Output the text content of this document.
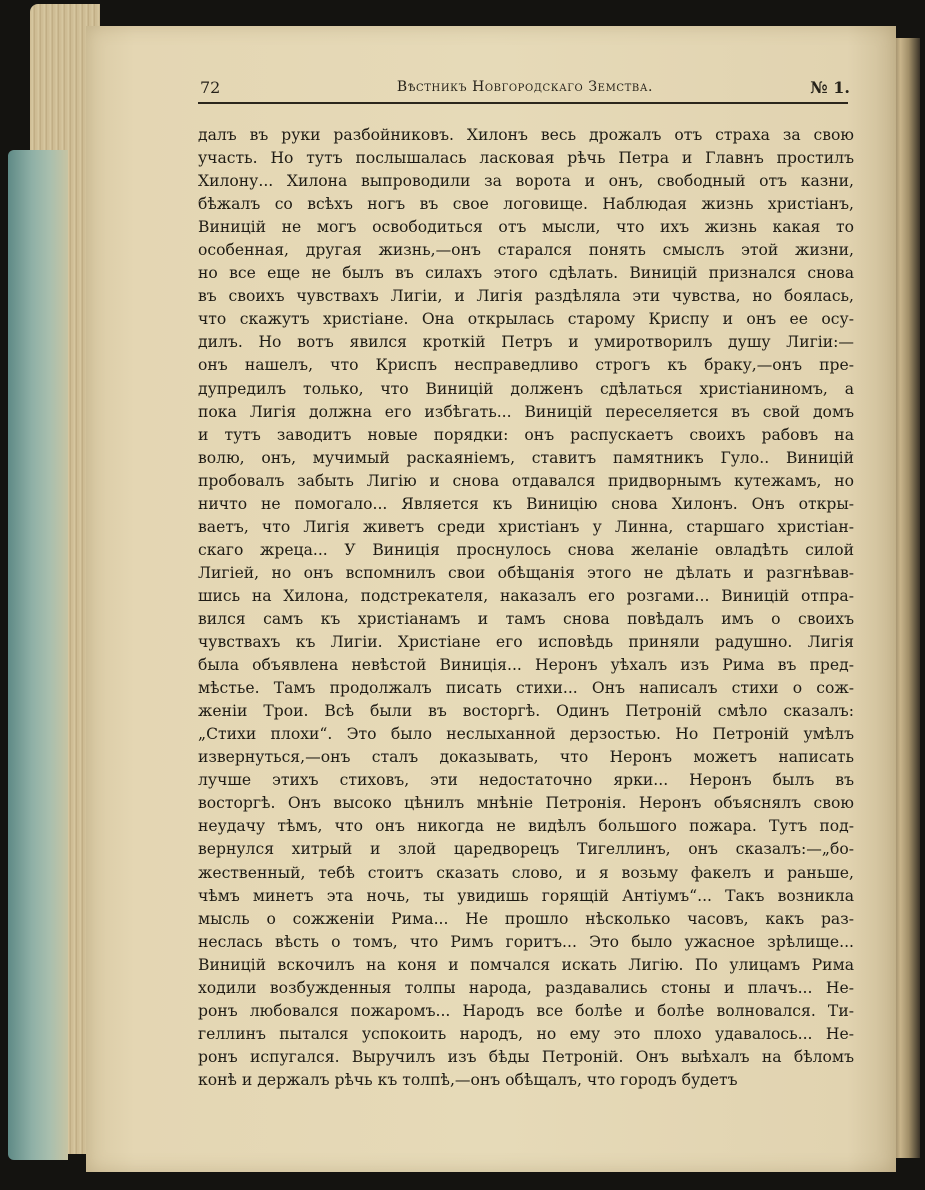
72	Вѣстникъ Новгородскаго Земства.	№ 1.
далъ въ руки разбойниковъ. Хилонъ весь дрожалъ отъ страха за свою
участь. Но тутъ послышалась ласковая рѣчь Петра и Главнъ простилъ
Хилону... Хилона выпроводили за ворота и онъ, свободный отъ казни,
бѣжалъ со всѣхъ ногъ въ свое логовище. Наблюдая жизнь христіанъ,
Виницій не могъ освободиться отъ мысли, что ихъ жизнь какая то
особенная, другая жизнь,—онъ старался понять смыслъ этой жизни,
но все еще не былъ въ силахъ этого сдѣлать. Виницій признался снова
въ своихъ чувствахъ Лигіи, и Лигія раздѣляла эти чувства, но боялась,
что скажутъ христіане. Она открылась старому Криспу и онъ ее осу-
дилъ. Но вотъ явился кроткій Петръ и умиротворилъ душу Лигіи:—
онъ нашелъ, что Криспъ несправедливо строгъ къ браку,—онъ пре-
дупредилъ только, что Виницій долженъ сдѣлаться христіаниномъ, а
пока Лигія должна его избѣгать... Виницій переселяется въ свой домъ
и тутъ заводитъ новые порядки: онъ распускаетъ своихъ рабовъ на
волю, онъ, мучимый раскаяніемъ, ставитъ памятникъ Гуло.. Виницій
пробовалъ забыть Лигію и снова отдавался придворнымъ кутежамъ, но
ничто не помогало... Является къ Виницію снова Хилонъ. Онъ откры-
ваетъ, что Лигія живетъ среди христіанъ у Линна, старшаго христіан-
скаго жреца... У Виниція проснулось снова желаніе овладѣть силой
Лигіей, но онъ вспомнилъ свои обѣщанія этого не дѣлать и разгнѣвав-
шись на Хилона, подстрекателя, наказалъ его розгами... Виницій отпра-
вился самъ къ христіанамъ и тамъ снова повѣдалъ имъ о своихъ
чувствахъ къ Лигіи. Христіане его исповѣдь приняли радушно. Лигія
была объявлена невѣстой Виниція... Неронъ уѣхалъ изъ Рима въ пред-
мѣстье. Тамъ продолжалъ писать стихи... Онъ написалъ стихи о сож-
женіи Трои. Всѣ были въ восторгѣ. Одинъ Петроній смѣло сказалъ:
„Стихи плохи“. Это было неслыханной дерзостью. Но Петроній умѣлъ
извернуться,—онъ сталъ доказывать, что Неронъ можетъ написать
лучше этихъ стиховъ, эти недостаточно ярки... Неронъ былъ въ
восторгѣ. Онъ высоко цѣнилъ мнѣніе Петронія. Неронъ объяснялъ свою
неудачу тѣмъ, что онъ никогда не видѣлъ большого пожара. Тутъ под-
вернулся хитрый и злой царедворецъ Тигеллинъ, онъ сказалъ:—„бо-
жественный, тебѣ стоитъ сказать слово, и я возьму факелъ и раньше,
чѣмъ минетъ эта ночь, ты увидишь горящій Антіумъ“... Такъ возникла
мысль о сожженіи Рима... Не прошло нѣсколько часовъ, какъ раз-
неслась вѣсть о томъ, что Римъ горитъ... Это было ужасное зрѣлище...
Виницій вскочилъ на коня и помчался искать Лигію. По улицамъ Рима
ходили возбужденныя толпы народа, раздавались стоны и плачъ... Не-
ронъ любовался пожаромъ... Народъ все болѣе и болѣе волновался. Ти-
геллинъ пытался успокоить народъ, но ему это плохо удавалось... Не-
ронъ испугался. Выручилъ изъ бѣды Петроній. Онъ выѣхалъ на бѣломъ
конѣ и держалъ рѣчь къ толпѣ,—онъ обѣщалъ, что городъ будетъ
